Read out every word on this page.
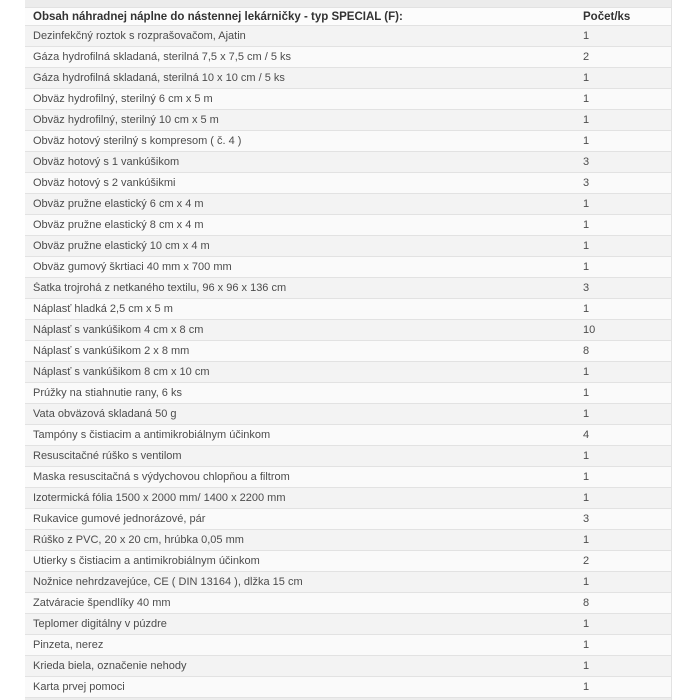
Obsah náhradnej náplne do nástennej lekárničky - typ ŠPECIAL (F):	Počet/ks
Dezinfekčný roztok s rozprašovačom, Ajatin	1
Gáza hydrofilná skladaná, sterilná 7,5 x 7,5 cm / 5 ks	2
Gáza hydrofilná skladaná, sterilná 10 x 10 cm / 5 ks	1
Obväz hydrofilný, sterilný 6 cm x 5 m	1
Obväz hydrofilný, sterilný 10 cm x 5 m	1
Obväz hotový sterilný s kompresom ( č. 4 )	1
Obväz hotový s 1 vankúšikom	3
Obväz hotový s 2 vankúšikmi	3
Obväz pružne elastický 6 cm x 4 m	1
Obväz pružne elastický 8 cm x 4 m	1
Obväz pružne elastický 10 cm x 4 m	1
Obväz gumový škrtiaci 40 mm x 700 mm	1
Šatka trojrohá z netkaného textilu, 96 x 96 x 136 cm	3
Náplasť hladká 2,5 cm x 5 m	1
Náplasť s vankúšikom 4 cm x 8 cm	10
Náplasť s vankúšikom 2 x 8 mm	8
Náplasť s vankúšikom 8 cm x 10 cm	1
Prúžky na stiahnutie rany, 6 ks	1
Vata obväzová skladaná 50 g	1
Tampóny s čistiacim a antimikrobiálnym účinkom	4
Resuscitačné rúško s ventilom	1
Maska resuscitačná s výdychovou chlopňou a filtrom	1
Izotermická fólia 1500 x 2000 mm/ 1400 x 2200 mm	1
Rukavice gumové jednorázové, pár	3
Rúško z PVC, 20 x 20 cm, hrúbka 0,05 mm	1
Utierky s čistiacim a antimikrobiálnym účinkom	2
Nožnice nehrdzavejúce, CE ( DIN 13164 ), dĺžka 15 cm	1
Zatváracie špendlíky 40 mm	8
Teplomer digitálny v púzdre	1
Pinzeta, nerez	1
Krieda biela, označenie nehody	1
Karta prvej pomoci	1
